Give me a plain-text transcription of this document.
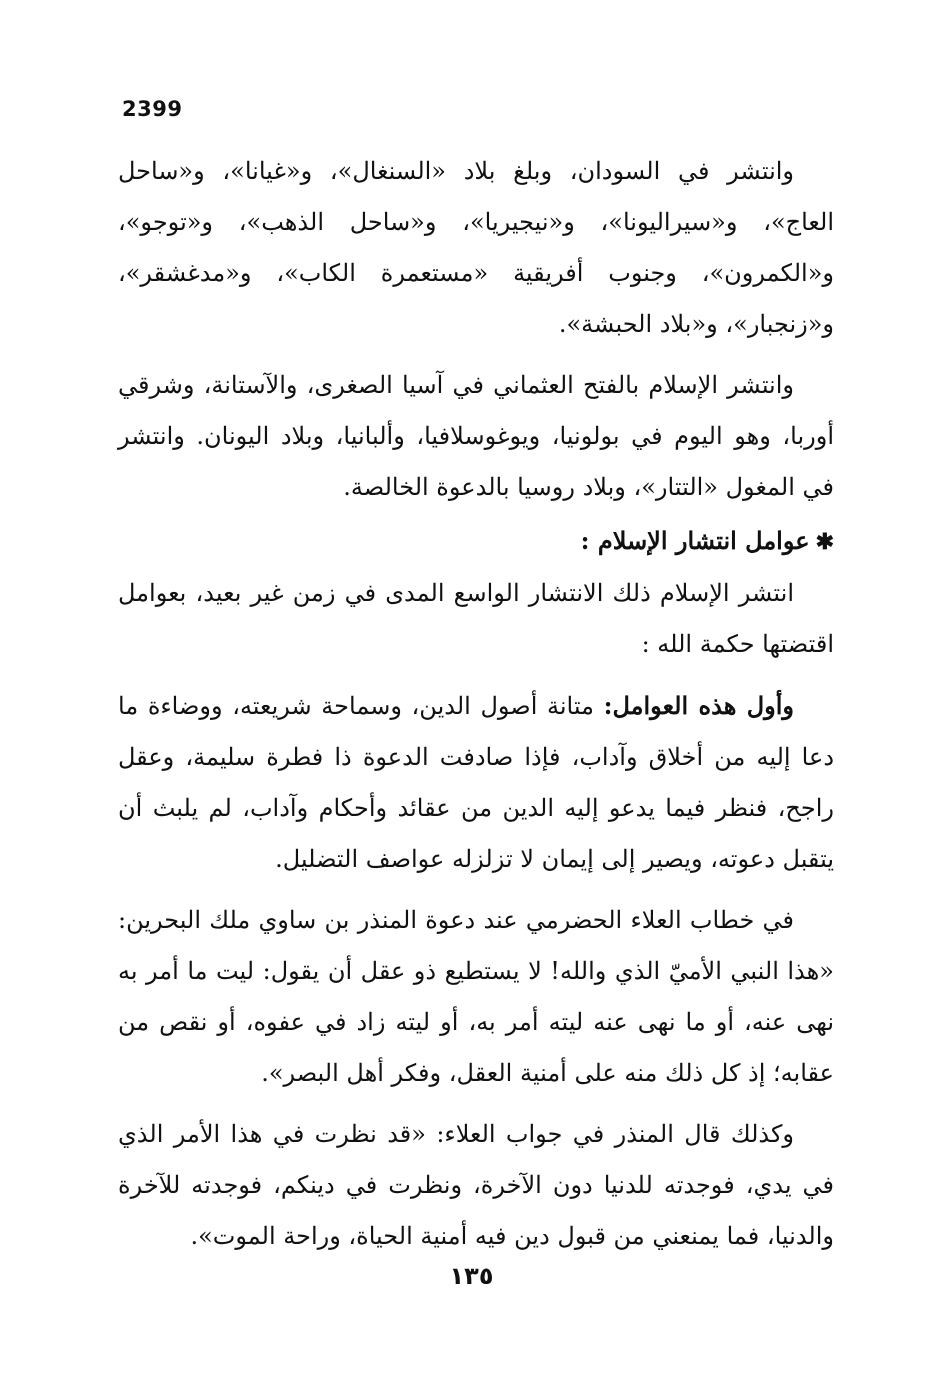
2399

وانتشر في السودان، وبلغ بلاد «السنغال»، و«غيانا»، و«ساحل العاج»، و«سيراليونا»، و«نيجيريا»، و«ساحل الذهب»، و«توجو»، و«الكمرون»، وجنوب أفريقية «مستعمرة الكاب»، و«مدغشقر»، و«زنجبار»، و«بلاد الحبشة».

وانتشر الإسلام بالفتح العثماني في آسيا الصغرى، والآستانة، وشرقي أوربا، وهو اليوم في بولونيا، ويوغوسلافيا، وألبانيا، وبلاد اليونان. وانتشر في المغول «التتار»، وبلاد روسيا بالدعوة الخالصة.

✱عوامل انتشار الإسلام :

انتشر الإسلام ذلك الانتشار الواسع المدى في زمن غير بعيد، بعوامل اقتضتها حكمة الله :

وأول هذه العوامل: متانة أصول الدين، وسماحة شريعته، ووضاءة ما دعا إليه من أخلاق وآداب، فإذا صادفت الدعوة ذا فطرة سليمة، وعقل راجح، فنظر فيما يدعو إليه الدين من عقائد وأحكام وآداب، لم يلبث أن يتقبل دعوته، ويصير إلى إيمان لا تزلزله عواصف التضليل.

في خطاب العلاء الحضرمي عند دعوة المنذر بن ساوي ملك البحرين: «هذا النبي الأميّ الذي والله! لا يستطيع ذو عقل أن يقول: ليت ما أمر به نهى عنه، أو ما نهى عنه ليته أمر به، أو ليته زاد في عفوه، أو نقص من عقابه؛ إذ كل ذلك منه على أمنية العقل، وفكر أهل البصر».

وكذلك قال المنذر في جواب العلاء: «قد نظرت في هذا الأمر الذي في يدي، فوجدته للدنيا دون الآخرة، ونظرت في دينكم، فوجدته للآخرة والدنيا، فما يمنعني من قبول دين فيه أمنية الحياة، وراحة الموت».

١٣٥
